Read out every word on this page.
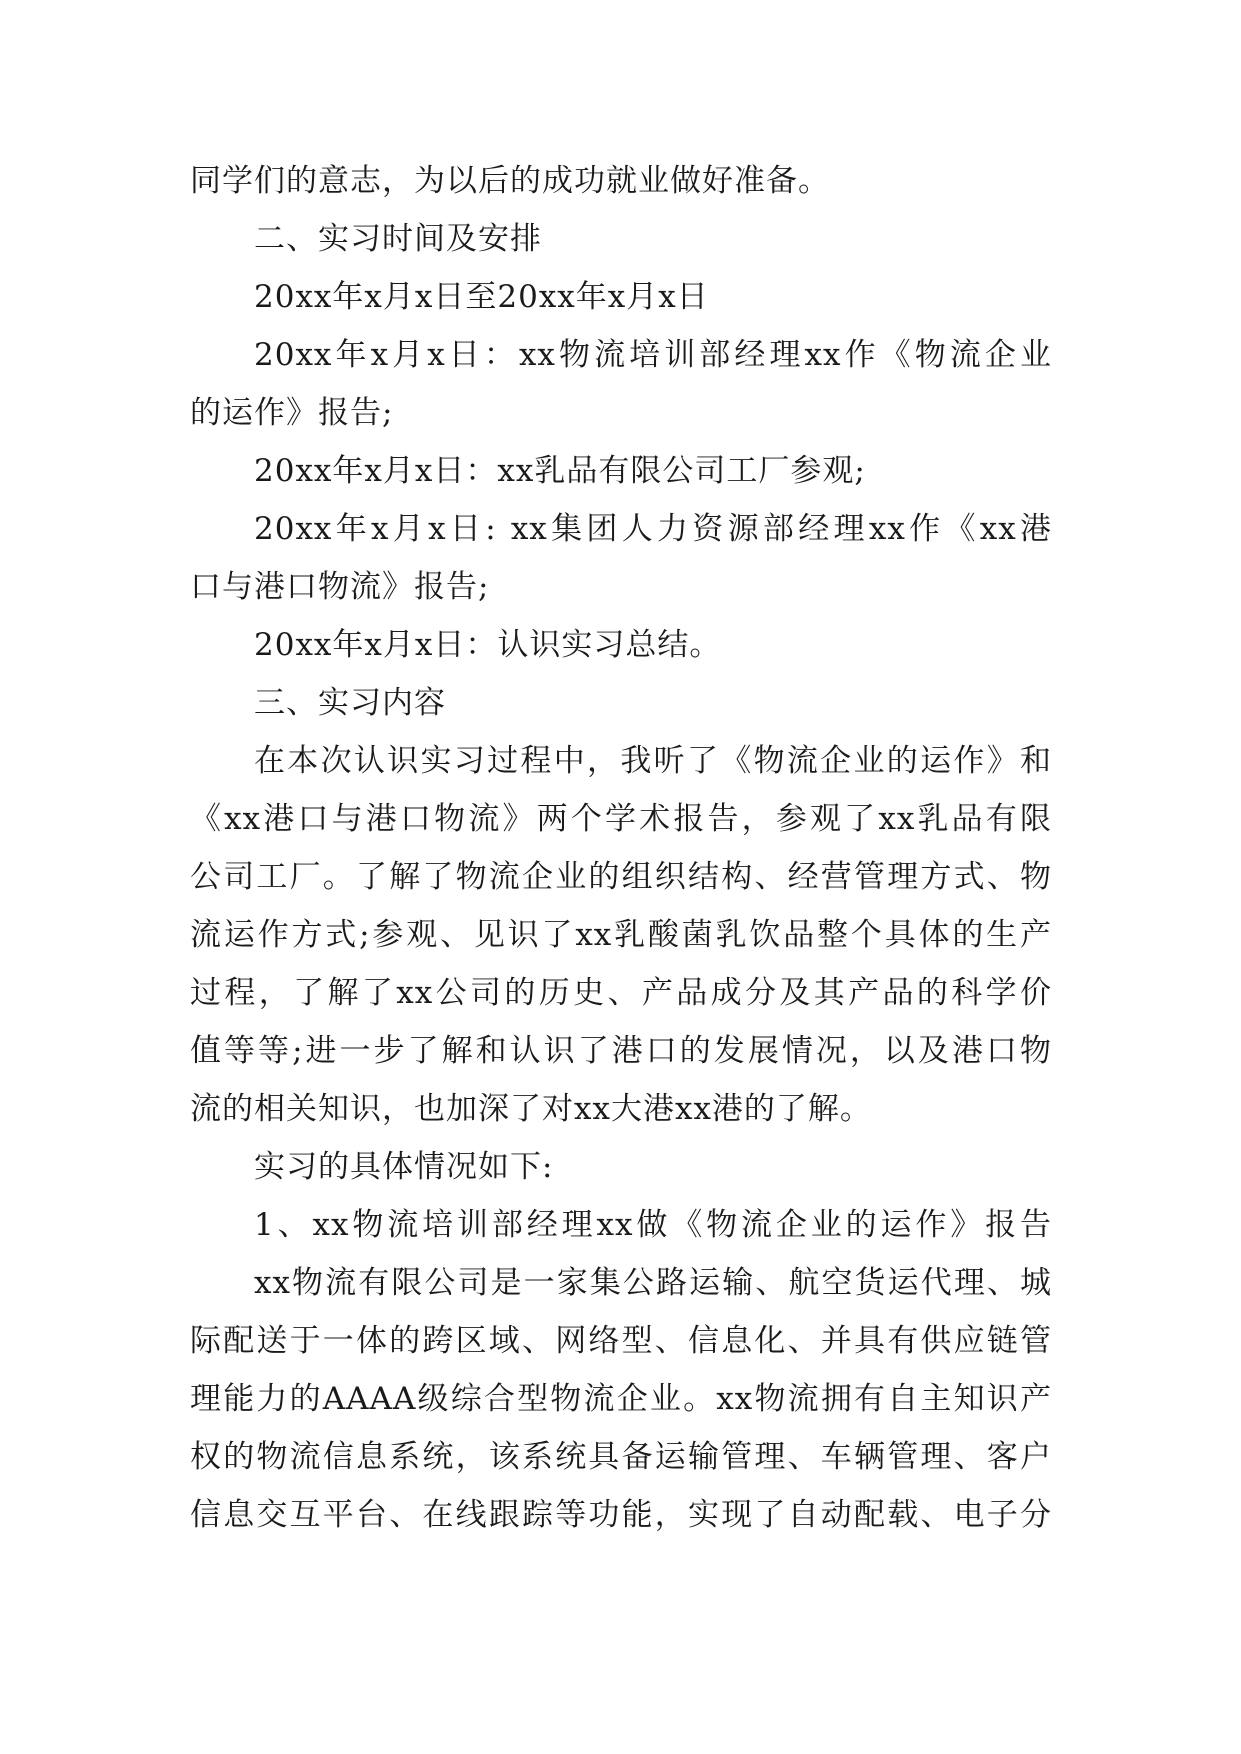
同学们的意志，为以后的成功就业做好准备。
二、实习时间及安排
20xx年x月x日至20xx年x月x日
20xx年x月x日：xx物流培训部经理xx作《物流企业
的运作》报告;
20xx年x月x日：xx乳品有限公司工厂参观;
20xx年x月x日: xx集团人力资源部经理xx作《xx港
口与港口物流》报告;
20xx年x月x日：认识实习总结。
三、实习内容
在本次认识实习过程中，我听了《物流企业的运作》和
《xx港口与港口物流》两个学术报告，参观了xx乳品有限
公司工厂。了解了物流企业的组织结构、经营管理方式、物
流运作方式;参观、见识了xx乳酸菌乳饮品整个具体的生产
过程，了解了xx公司的历史、产品成分及其产品的科学价
值等等;进一步了解和认识了港口的发展情况，以及港口物
流的相关知识，也加深了对xx大港xx港的了解。
实习的具体情况如下:
1、xx物流培训部经理xx做《物流企业的运作》报告
xx物流有限公司是一家集公路运输、航空货运代理、城
际配送于一体的跨区域、网络型、信息化、并具有供应链管
理能力的AAAA级综合型物流企业。xx物流拥有自主知识产
权的物流信息系统，该系统具备运输管理、车辆管理、客户
信息交互平台、在线跟踪等功能，实现了自动配载、电子分
